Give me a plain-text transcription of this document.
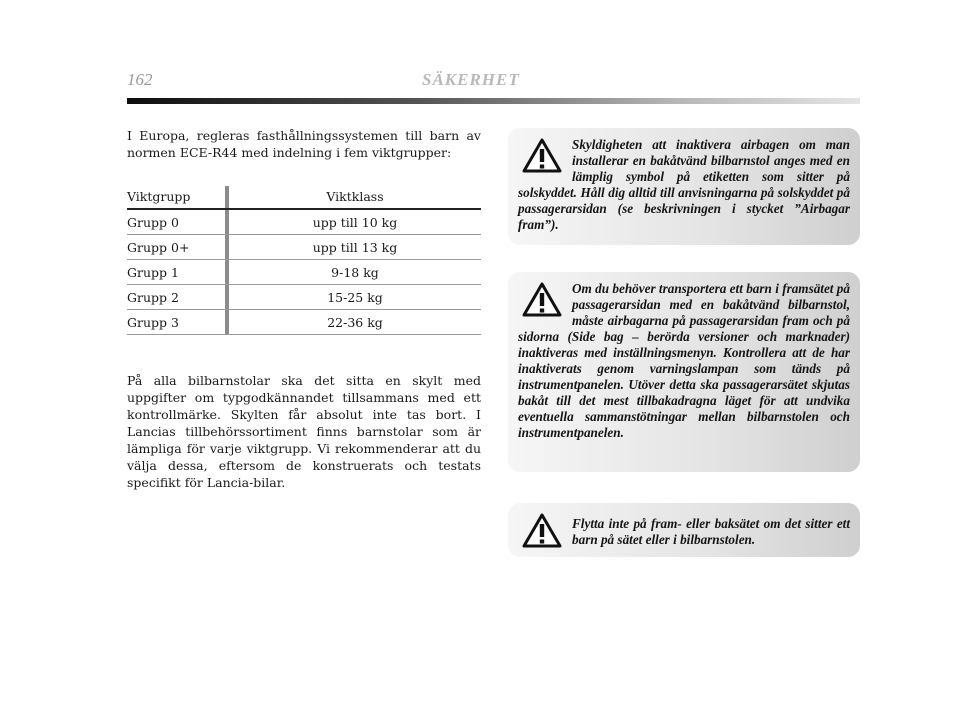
162	SÄKERHET

I Europa, regleras fasthållningssystemen till barn av normen ECE-R44 med indelning i fem viktgrupper:

Viktgrupp	Viktklass
Grupp 0	upp till 10 kg
Grupp 0+	upp till 13 kg
Grupp 1	9-18 kg
Grupp 2	15-25 kg
Grupp 3	22-36 kg

På alla bilbarnstolar ska det sitta en skylt med uppgifter om typgodkännandet tillsammans med ett kontrollmärke. Skylten får absolut inte tas bort. I Lancias tillbehörssortiment finns barnstolar som är lämpliga för varje viktgrupp. Vi rekommenderar att du välja dessa, eftersom de konstruerats och testats specifikt för Lancia-bilar.

Skyldigheten att inaktivera airbagen om man installerar en bakåtvänd bilbarnstol anges med en lämplig symbol på etiketten som sitter på solskyddet. Håll dig alltid till anvisningarna på solskyddet på passagerarsidan (se beskrivningen i stycket ”Airbagar fram”).

Om du behöver transportera ett barn i framsätet på passagerarsidan med en bakåtvänd bilbarnstol, måste airbagarna på passagerarsidan fram och på sidorna (Side bag – berörda versioner och marknader) inaktiveras med inställningsmenyn. Kontrollera att de har inaktiverats genom varningslampan som tänds på instrumentpanelen. Utöver detta ska passagerarsätet skjutas bakåt till det mest tillbakadragna läget för att undvika eventuella sammanstötningar mellan bilbarnstolen och instrumentpanelen.

Flytta inte på fram- eller baksätet om det sitter ett barn på sätet eller i bilbarnstolen.
